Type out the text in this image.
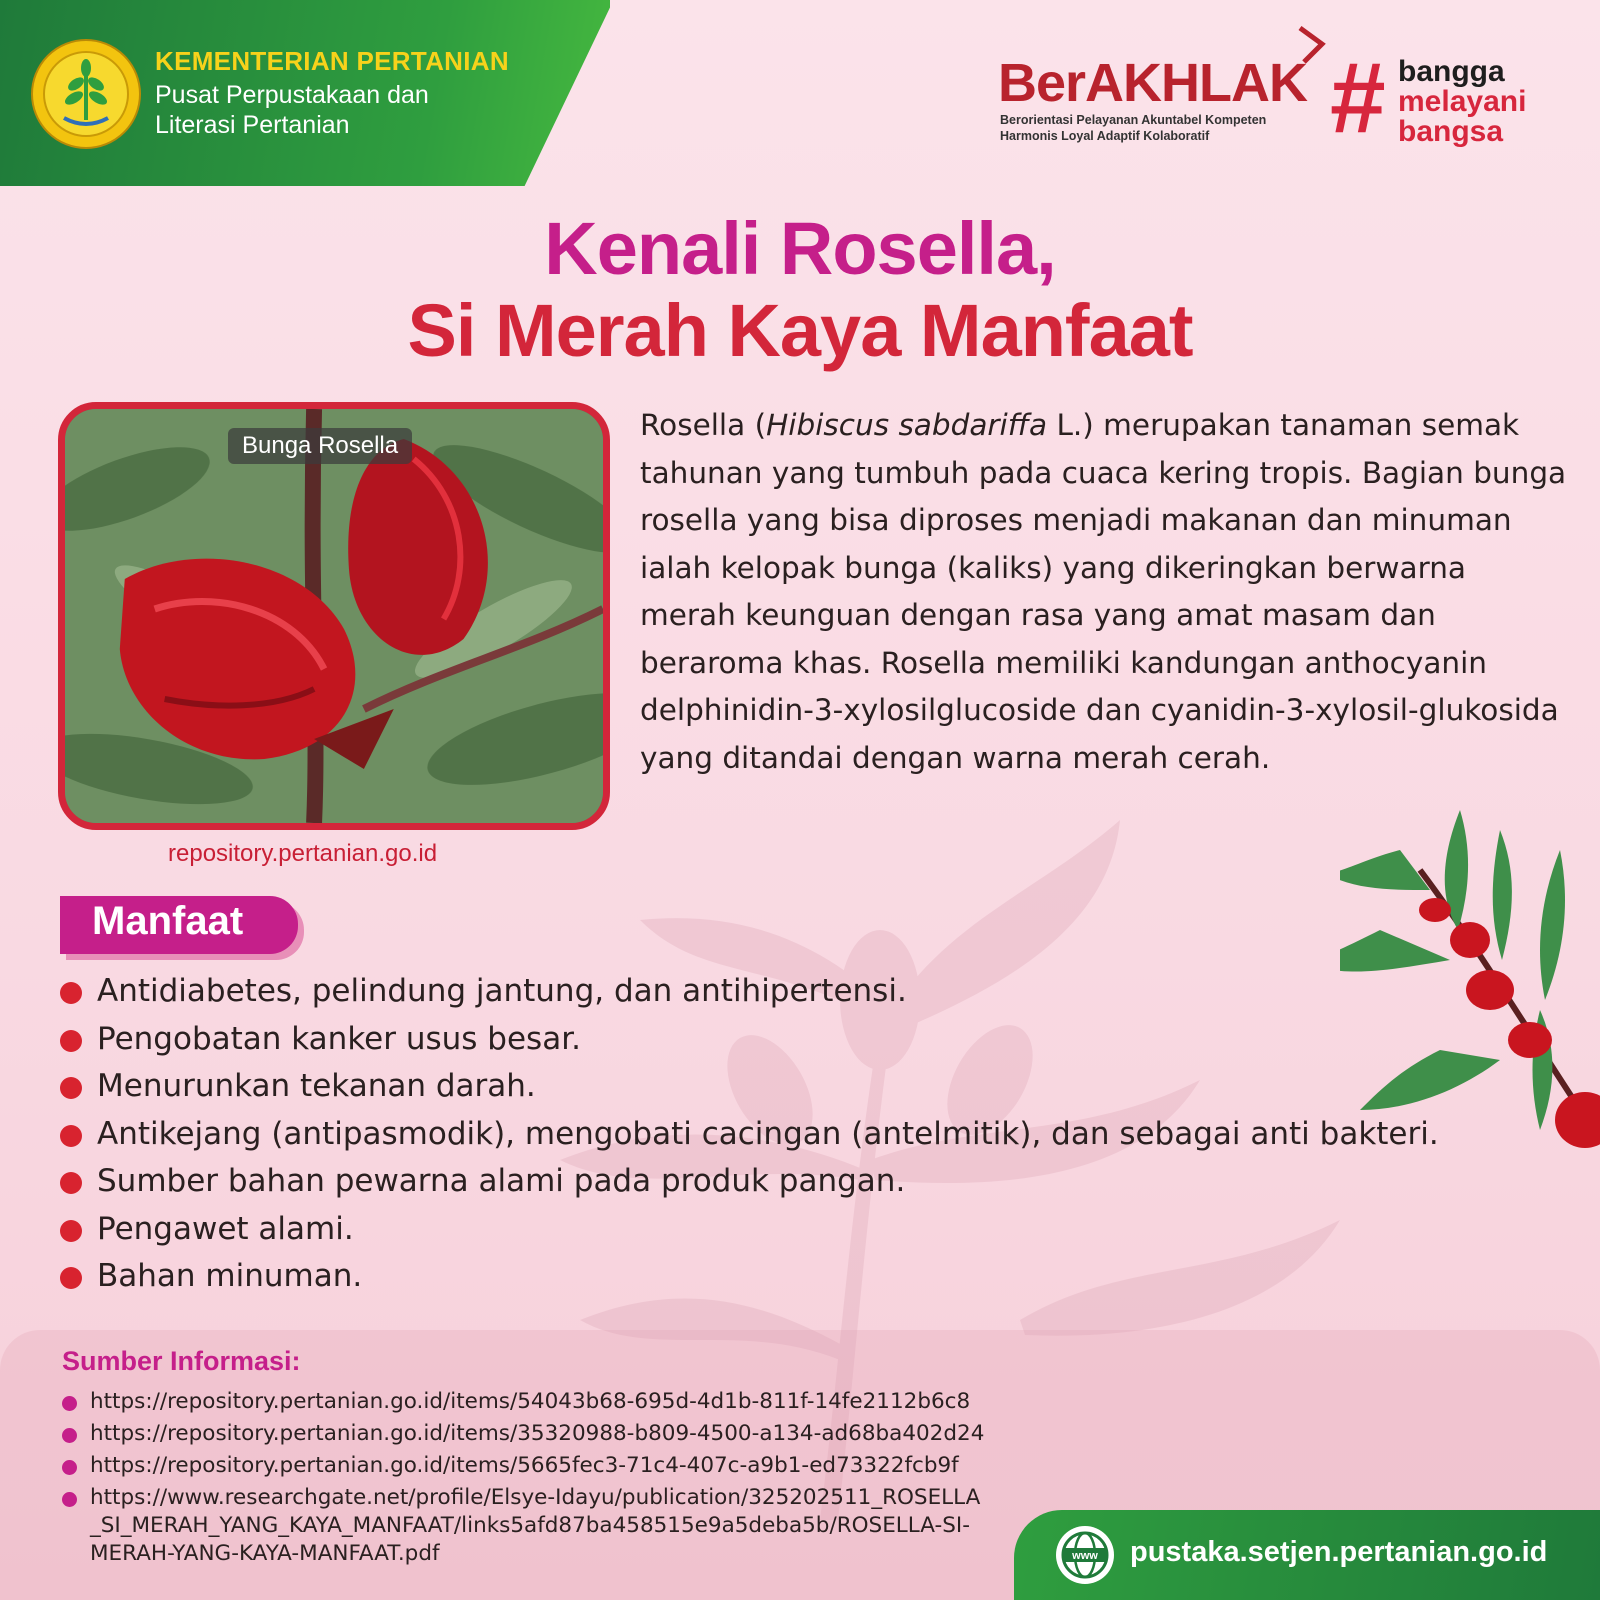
KEMENTERIAN PERTANIAN
Pusat Perpustakaan dan
Literasi Pertanian
BerAKHLAK
Berorientasi Pelayanan Akuntabel Kompeten
Harmonis Loyal Adaptif Kolaboratif	# bangga
melayani
bangsa
Kenali Rosella,
Si Merah Kaya Manfaat
Bunga Rosella
repository.pertanian.go.id
Rosella (Hibiscus sabdariffa L.) merupakan tanaman semak tahunan yang tumbuh pada cuaca kering tropis. Bagian bunga rosella yang bisa diproses menjadi makanan dan minuman ialah kelopak bunga (kaliks) yang dikeringkan berwarna merah keunguan dengan rasa yang amat masam dan beraroma khas. Rosella memiliki kandungan anthocyanin delphinidin-3-xylosilglucoside dan cyanidin-3-xylosil-glukosida yang ditandai dengan warna merah cerah.
Manfaat
Antidiabetes, pelindung jantung, dan antihipertensi.
Pengobatan kanker usus besar.
Menurunkan tekanan darah.
Antikejang (antipasmodik), mengobati cacingan (antelmitik), dan sebagai anti bakteri.
Sumber bahan pewarna alami pada produk pangan.
Pengawet alami.
Bahan minuman.
Sumber Informasi:
https://repository.pertanian.go.id/items/54043b68-695d-4d1b-811f-14fe2112b6c8
https://repository.pertanian.go.id/items/35320988-b809-4500-a134-ad68ba402d24
https://repository.pertanian.go.id/items/5665fec3-71c4-407c-a9b1-ed73322fcb9f
https://www.researchgate.net/profile/Elsye-Idayu/publication/325202511_ROSELLA_SI_MERAH_YANG_KAYA_MANFAAT/links5afd87ba458515e9a5deba5b/ROSELLA-SI-MERAH-YANG-KAYA-MANFAAT.pdf	www pustaka.setjen.pertanian.go.id
